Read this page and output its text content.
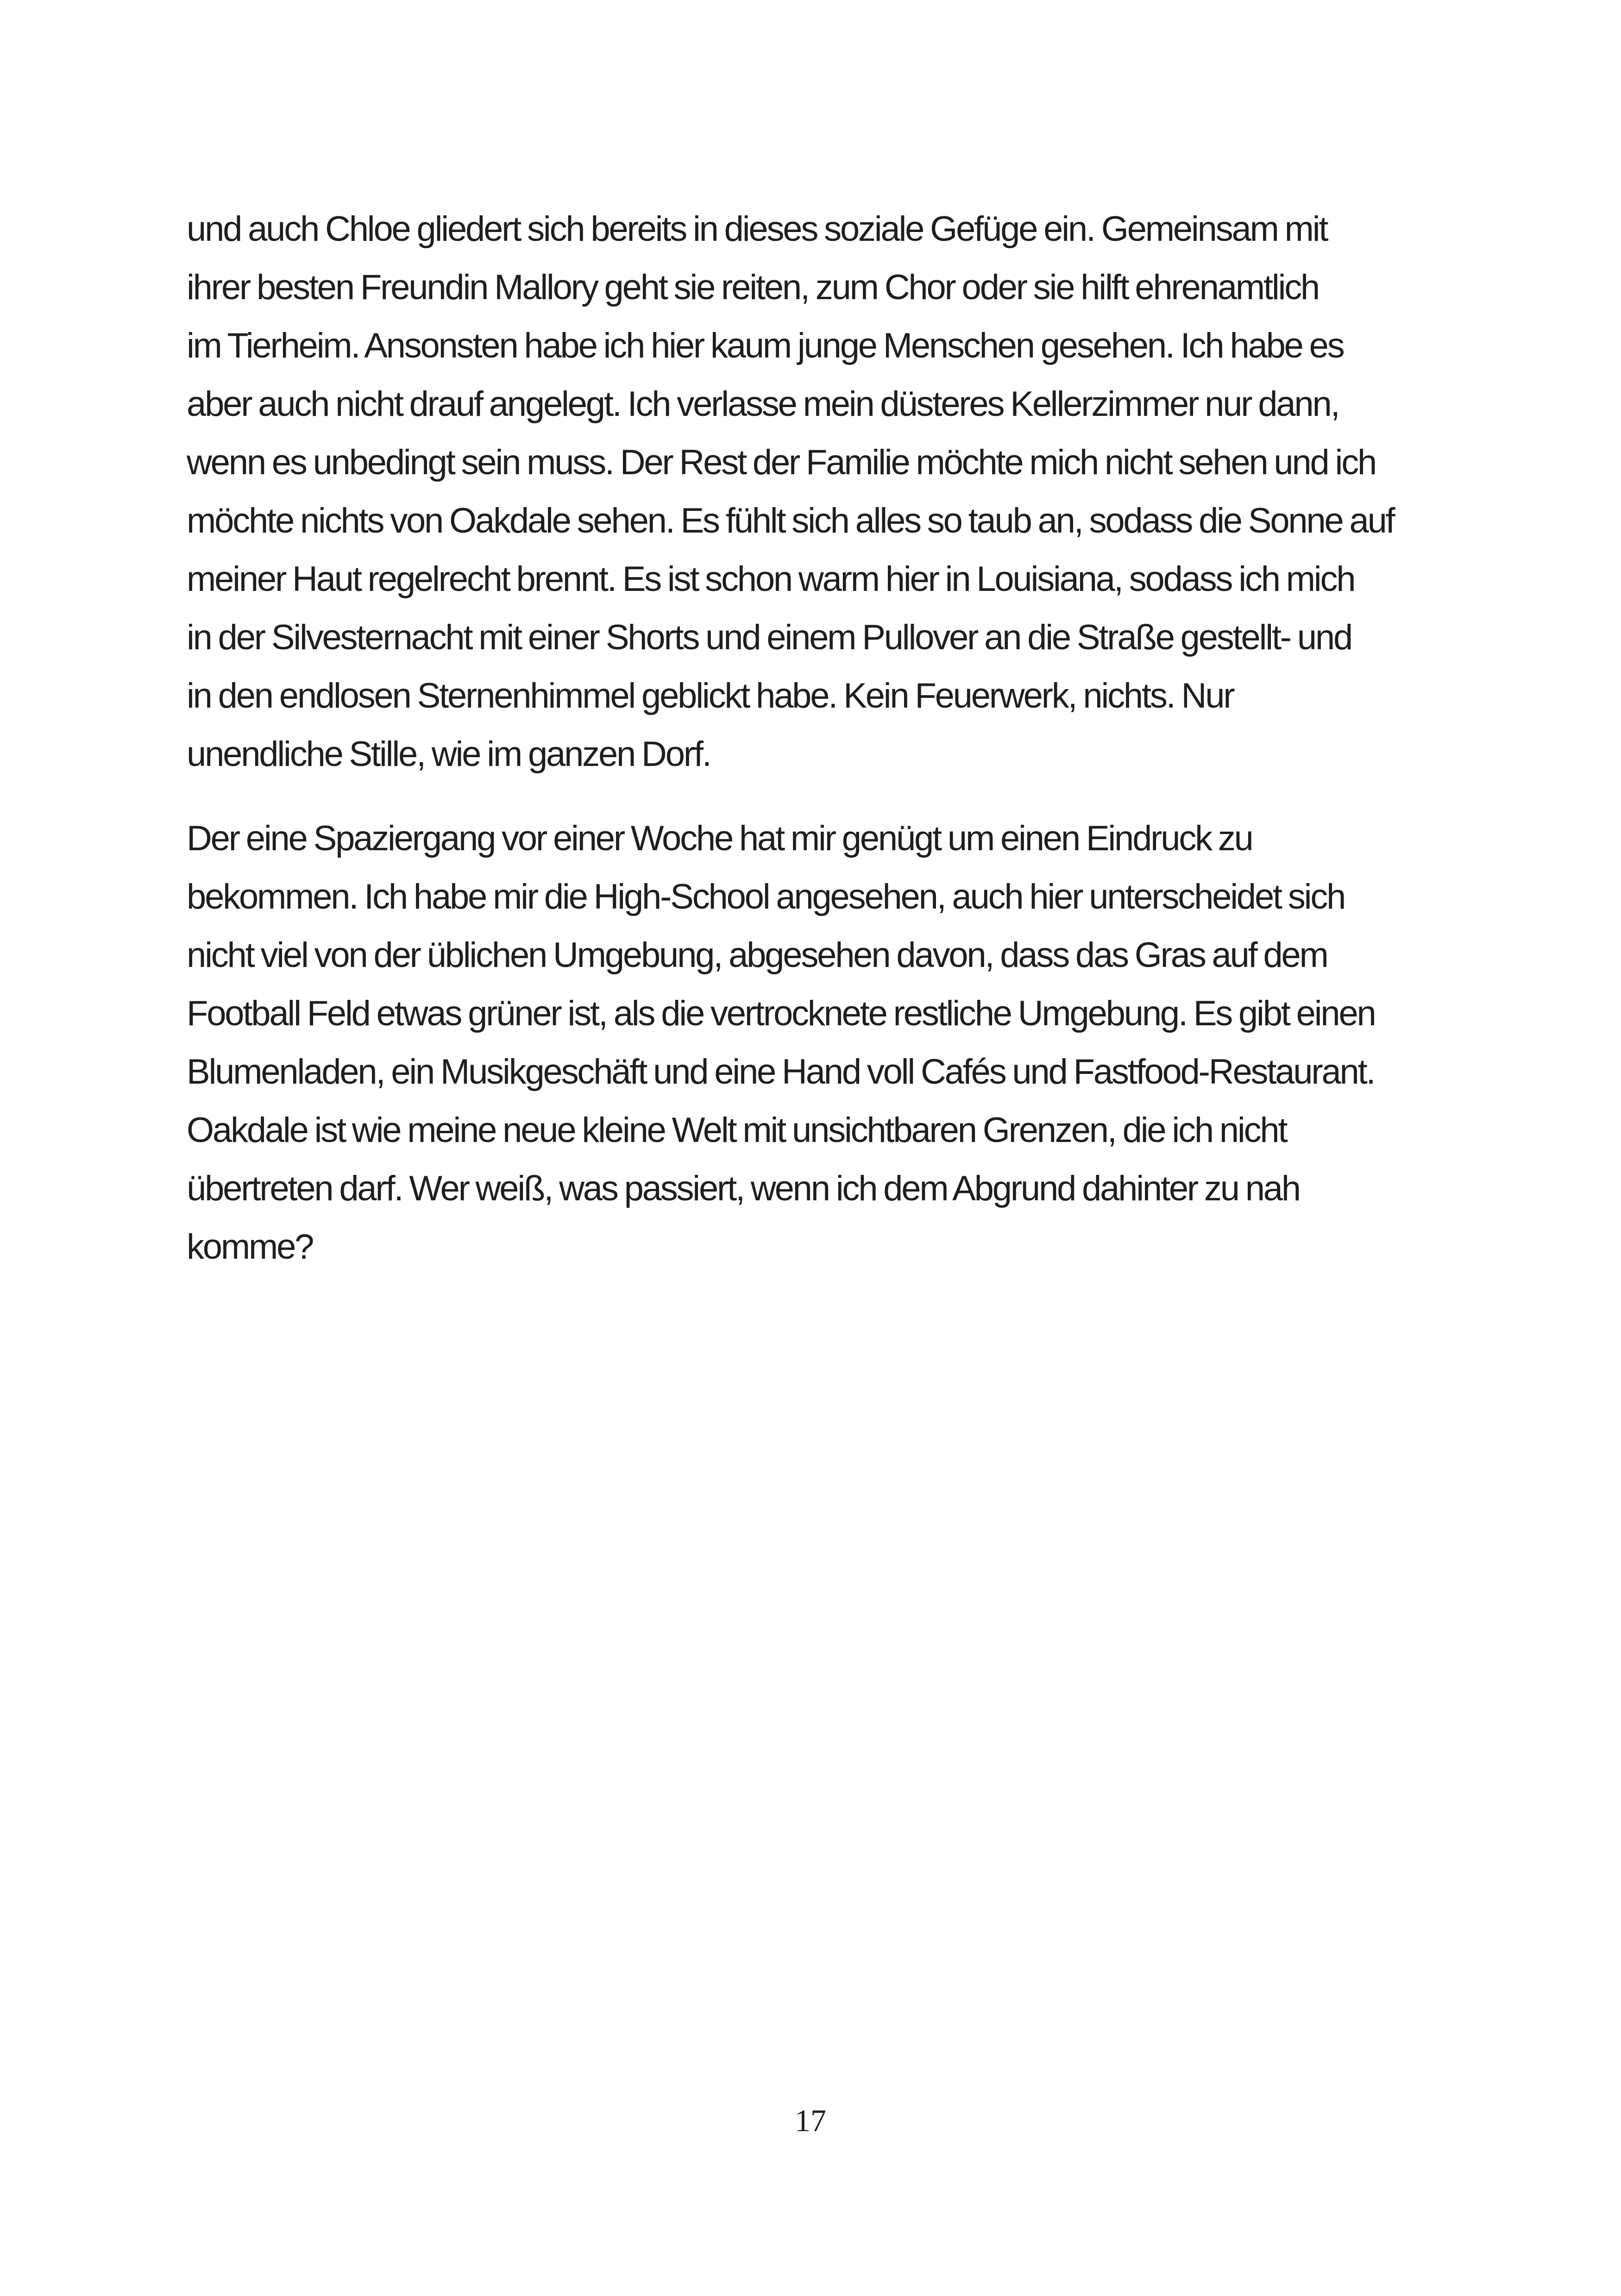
und auch Chloe gliedert sich bereits in dieses soziale Gefüge ein. Gemeinsam mit
ihrer besten Freundin Mallory geht sie reiten, zum Chor oder sie hilft ehrenamtlich
im Tierheim. Ansonsten habe ich hier kaum junge Menschen gesehen. Ich habe es
aber auch nicht drauf angelegt. Ich verlasse mein düsteres Kellerzimmer nur dann,
wenn es unbedingt sein muss. Der Rest der Familie möchte mich nicht sehen und ich
möchte nichts von Oakdale sehen. Es fühlt sich alles so taub an, sodass die Sonne auf
meiner Haut regelrecht brennt. Es ist schon warm hier in Louisiana, sodass ich mich
in der Silvesternacht mit einer Shorts und einem Pullover an die Straße gestellt- und
in den endlosen Sternenhimmel geblickt habe. Kein Feuerwerk, nichts. Nur
unendliche Stille, wie im ganzen Dorf.
Der eine Spaziergang vor einer Woche hat mir genügt um einen Eindruck zu
bekommen. Ich habe mir die High-School angesehen, auch hier unterscheidet sich
nicht viel von der üblichen Umgebung, abgesehen davon, dass das Gras auf dem
Football Feld etwas grüner ist, als die vertrocknete restliche Umgebung. Es gibt einen
Blumenladen, ein Musikgeschäft und eine Hand voll Cafés und Fastfood-Restaurant.
Oakdale ist wie meine neue kleine Welt mit unsichtbaren Grenzen, die ich nicht
übertreten darf. Wer weiß, was passiert, wenn ich dem Abgrund dahinter zu nah
komme?
17
